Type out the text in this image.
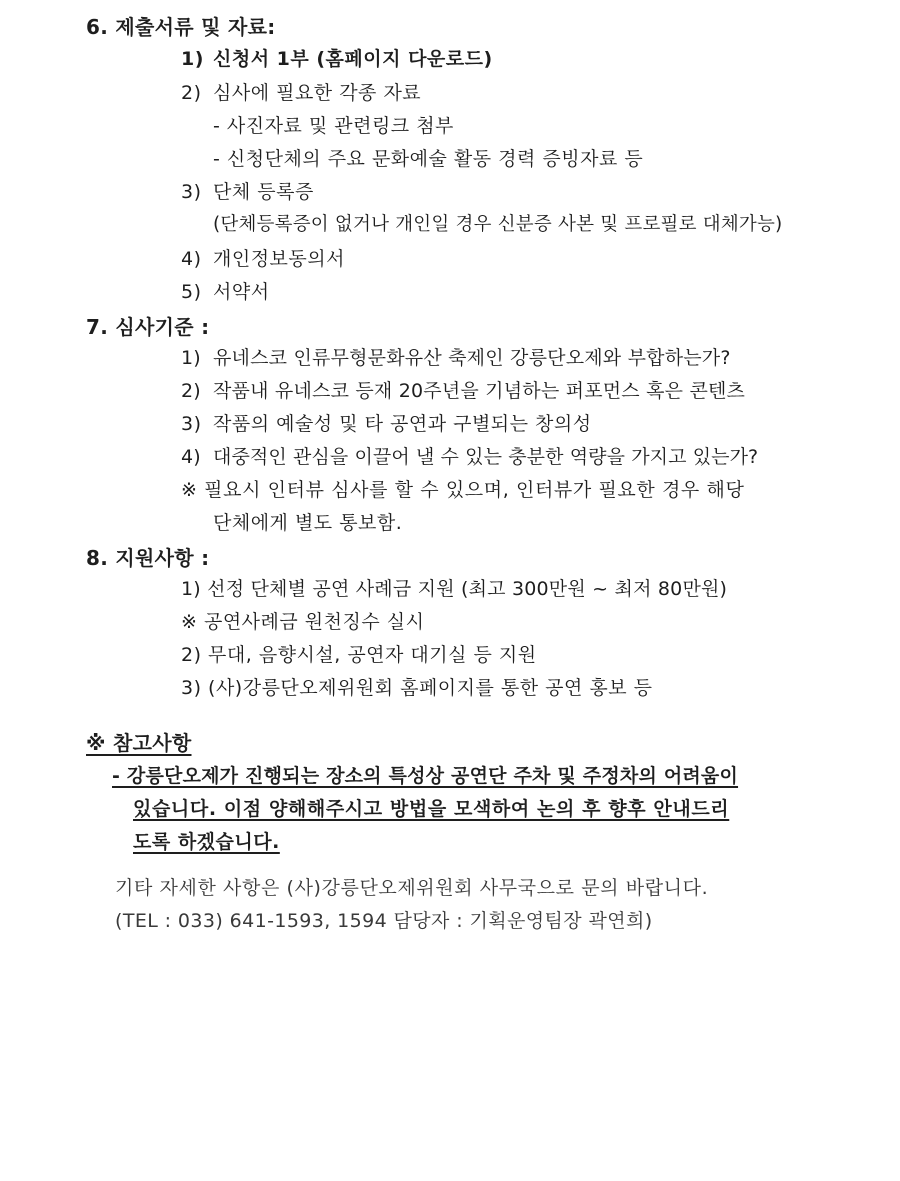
6. 제출서류 및 자료:
1) 신청서 1부 (홈페이지 다운로드)
2) 심사에 필요한 각종 자료
- 사진자료 및 관련링크 첨부
- 신청단체의 주요 문화예술 활동 경력 증빙자료 등
3) 단체 등록증
(단체등록증이 없거나 개인일 경우 신분증 사본 및 프로필로 대체가능)
4) 개인정보동의서
5) 서약서
7. 심사기준 :
1) 유네스코 인류무형문화유산 축제인 강릉단오제와 부합하는가?
2) 작품내 유네스코 등재 20주년을 기념하는 퍼포먼스 혹은 콘텐츠
3) 작품의 예술성 및 타 공연과 구별되는 창의성
4) 대중적인 관심을 이끌어 낼 수 있는 충분한 역량을 가지고 있는가?
※ 필요시 인터뷰 심사를 할 수 있으며, 인터뷰가 필요한 경우 해당
단체에게 별도 통보함.
8. 지원사항 :
1) 선정 단체별 공연 사례금 지원 (최고 300만원 ~ 최저 80만원)
※ 공연사례금 원천징수 실시
2) 무대, 음향시설, 공연자 대기실 등 지원
3) (사)강릉단오제위원회 홈페이지를 통한 공연 홍보 등
※ 참고사항
- 강릉단오제가 진행되는 장소의 특성상 공연단 주차 및 주정차의 어려움이
있습니다. 이점 양해해주시고 방법을 모색하여 논의 후 향후 안내드리
도록 하겠습니다.
기타 자세한 사항은 (사)강릉단오제위원회 사무국으로 문의 바랍니다.
(TEL : 033) 641-1593, 1594 담당자 : 기획운영팀장 곽연희)
